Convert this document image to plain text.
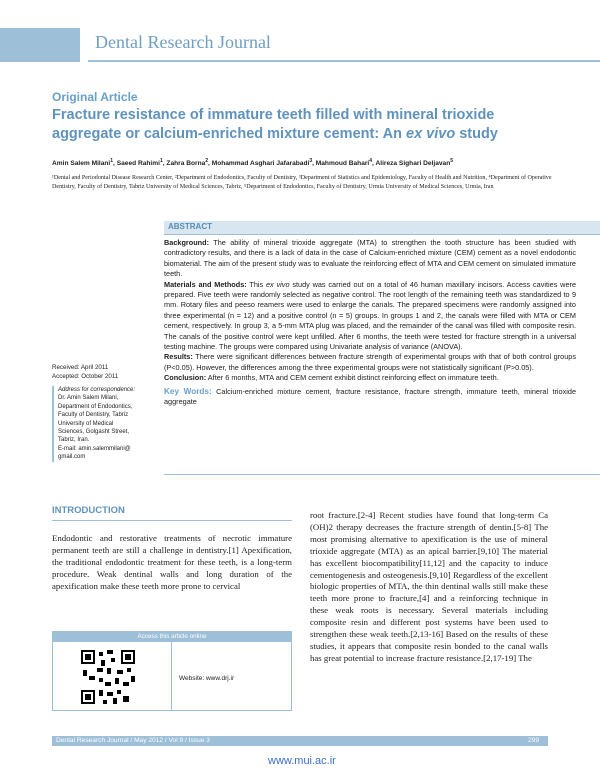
Dental Research Journal
Original Article
Fracture resistance of immature teeth filled with mineral trioxide aggregate or calcium-enriched mixture cement: An ex vivo study
Amin Salem Milani$^1$, Saeed Rahimi$^1$, Zahra Borna$^2$, Mohammad Asghari Jafarabadi$^3$, Mahmoud Bahari$^4$, Alireza Sighari Deljavan$^5$
¹Dental and Periodontal Disease Research Center, ²Department of Endodontics, Faculty of Dentistry, ³Department of Statistics and Epidemiology, Faculty of Health and Nutrition, ⁴Department of Operative Dentistry, Faculty of Dentistry, Tabriz University of Medical Sciences, Tabriz, ⁵Department of Endodontics, Faculty of Dentistry, Urmia University of Medical Sciences, Urmia, Iran
ABSTRACT

Background: The ability of mineral trioxide aggregate (MTA) to strengthen the tooth structure has been studied with contradictory results, and there is a lack of data in the case of Calcium-enriched mixture (CEM) cement as a novel endodontic biomaterial. The aim of the present study was to evaluate the reinforcing effect of MTA and CEM cement on simulated immature teeth.

Materials and Methods: This ex vivo study was carried out on a total of 46 human maxillary incisors. Access cavities were prepared. Five teeth were randomly selected as negative control. The root length of the remaining teeth was standardized to 9 mm. Rotary files and peeso reamers were used to enlarge the canals. The prepared specimens were randomly assigned into three experimental (n = 12) and a positive control (n = 5) groups. In groups 1 and 2, the canals were filled with MTA or CEM cement, respectively. In group 3, a 5-mm MTA plug was placed, and the remainder of the canal was filled with composite resin. The canals of the positive control were kept unfilled. After 6 months, the teeth were tested for fracture strength in a universal testing machine. The groups were compared using Univariate analysis of variance (ANOVA).

Results: There were significant differences between fracture strength of experimental groups with that of both control groups (P<0.05). However, the differences among the three experimental groups were not statistically significant (P>0.05).

Conclusion: After 6 months, MTA and CEM cement exhibit distinct reinforcing effect on immature teeth.

Key Words: Calcium-enriched mixture cement, fracture resistance, fracture strength, immature teeth, mineral trioxide aggregate

Received: April 2011
Accepted: October 2011
Address for correspondence:
Dr. Amin Salem Milani,
Department of Endodontics,
Faculty of Dentistry, Tabriz
University of Medical
Sciences, Golgasht Street,
Tabriz, Iran.
E-mail: amin.salemmilani@
gmail.com
INTRODUCTION
Endodontic and restorative treatments of necrotic immature permanent teeth are still a challenge in dentistry.[1] Apexification, the traditional endodontic treatment for these teeth, is a long-term procedure. Weak dentinal walls and long duration of the apexification make these teeth more prone to cervical
root fracture.[2-4] Recent studies have found that long-term Ca (OH)2 therapy decreases the fracture strength of dentin.[5-8] The most promising alternative to apexification is the use of mineral trioxide aggregate (MTA) as an apical barrier.[9,10] The material has excellent biocompatibility[11,12] and the capacity to induce cementogenesis and osteogenesis.[9,10] Regardless of the excellent biologic properties of MTA, the thin dentinal walls still make these teeth more prone to fracture,[4] and a reinforcing technique in these weak roots is necessary. Several materials including composite resin and different post systems have been used to strengthen these weak teeth.[2,13-16] Based on the results of these studies, it appears that composite resin bonded to the canal walls has great potential to increase fracture resistance.[2,17-19] The
Access this article online
Website: www.drj.ir
Dental Research Journal / May 2012 / Vol 9 / Issue 3	299
www.mui.ac.ir
